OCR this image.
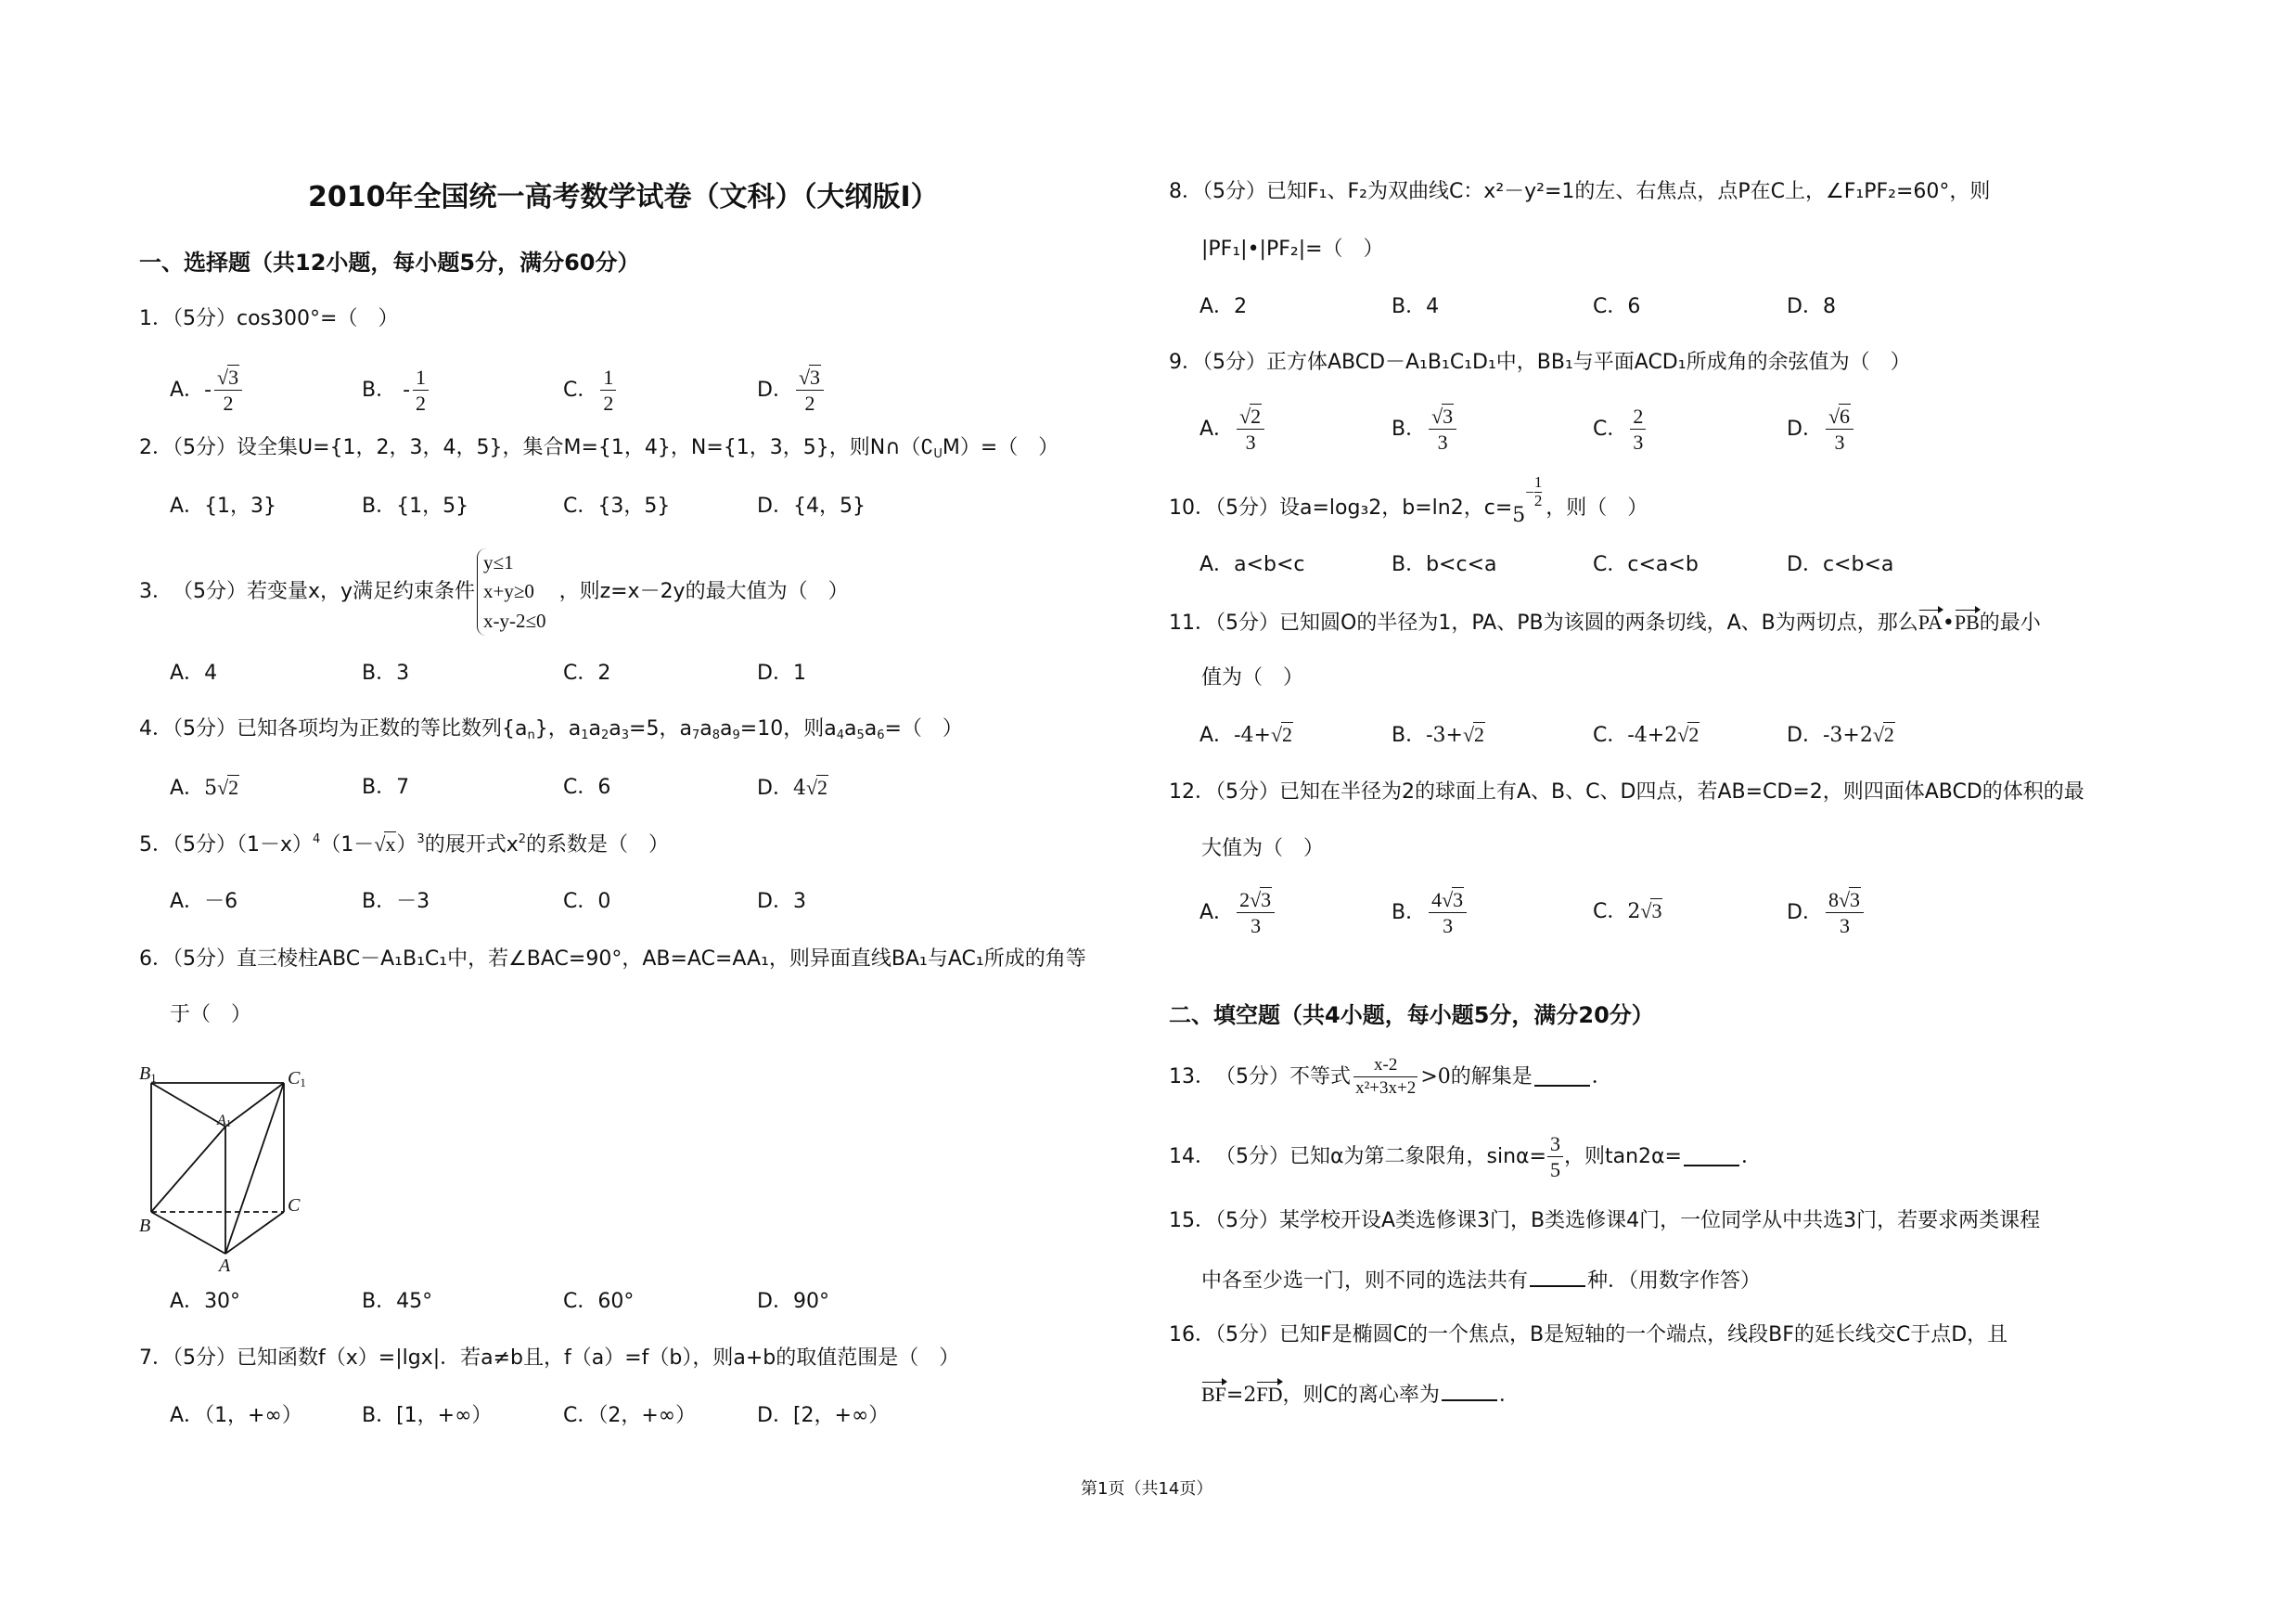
2010年全国统一高考数学试卷（文科）（大纲版Ⅰ）
一、选择题（共12小题，每小题5分，满分60分）
1．（5分）cos300°=（　）
A．- $\frac{√3}{2}$	B． - $\frac{1}{2}$	C． $\frac{1}{2}$	D． $\frac{√3}{2}$
2．（5分）设全集U={1，2，3，4，5}，集合M={1，4}，N={1，3，5}，则$N\cap(∁_UM)=$（　）
A．{1，3}	B．{1，5}	C．{3，5}	D．{4，5}
3． （5分） 若变量x，y满足约束条件
y≤1
x+y≥0
x-y-2≤0
，则z=x－2y的最大值为（　）
A．4	B．3	C．2	D．1
4．（5分）已知各项均为正数的等比数列$\{a_n\}$，$a_1a_2a_3=5$，$a_7a_8a_9=10$，则$a_4a_5a_6=$（　）
A．5√2	B．7	C．6	D．4√2
5．（5分）$(1-x)^4(1-√x)^3$的展开式$x^2$的系数是（　）
A．－6	B．－3	C．0	D．3
6．（5分）直三棱柱ABC－A₁B₁C₁中，若∠BAC=90°，AB=AC=AA₁，则异面直线BA₁与AC₁所成的角等
于（　）
B1	C1
A1
B
C
A
A．30°	B．45°	C．60°	D．90°
7．（5分）已知函数f（x）=|lgx|．若a≠b且，f（a）=f（b），则a+b的取值范围是（　）
A．（1，+∞）	B．[1，+∞）	C．（2，+∞）	D．[2，+∞）
8．（5分）已知F₁、F₂为双曲线C：x²－y²=1的左、右焦点，点P在C上，∠F₁PF₂=60°，则
|PF₁|•|PF₂|=（　）
A．2	B．4	C．6	D．8
9．（5分）正方体ABCD－A₁B₁C₁D₁中，BB₁与平面ACD₁所成角的余弦值为（　）
A． $\frac{√2}{3}$	B． $\frac{√3}{3}$	C． $\frac{2}{3}$	D． $\frac{√6}{3}$
10．（5分）设a=log₃2，b=ln2，c=5
− $\frac{1}{2}$ ，则（　）
A．a<b<c	B．b<c<a	C．c<a<b	D．c<b<a
11．（5分）已知圆O的半径为1，PA、PB为该圆的两条切线，A、B为两切点，那么PA•PB的最小
值为（　）
A．-4+√2	B．-3+√2	C．-4+2√2	D．-3+2√2
12．（5分）已知在半径为2的球面上有A、B、C、D四点，若AB=CD=2，则四面体ABCD的体积的最
大值为（　）
A． $\frac{2√3}{3}$	B． $\frac{4√3}{3}$	C．2√3	D． $\frac{8√3}{3}$
二、填空题（共4小题，每小题5分，满分20分）
13． （5分） 不等式 $\frac{x-2}{\text{x²+3x+2}} >0$的解集是	．
14． （5分） 已知α为第二象限角，$\sin\alpha= \frac{3}{5}$ ，则tan2α=	．
15．（5分）某学校开设A类选修课3门，B类选修课4门，一位同学从中共选3门，若要求两类课程
中各至少选一门，则不同的选法共有	种．（用数字作答）
16．（5分）已知F是椭圆C的一个焦点，B是短轴的一个端点，线段BF的延长线交C于点D，且
BF=2FD，则C的离心率为	．
第1页（共14页）
